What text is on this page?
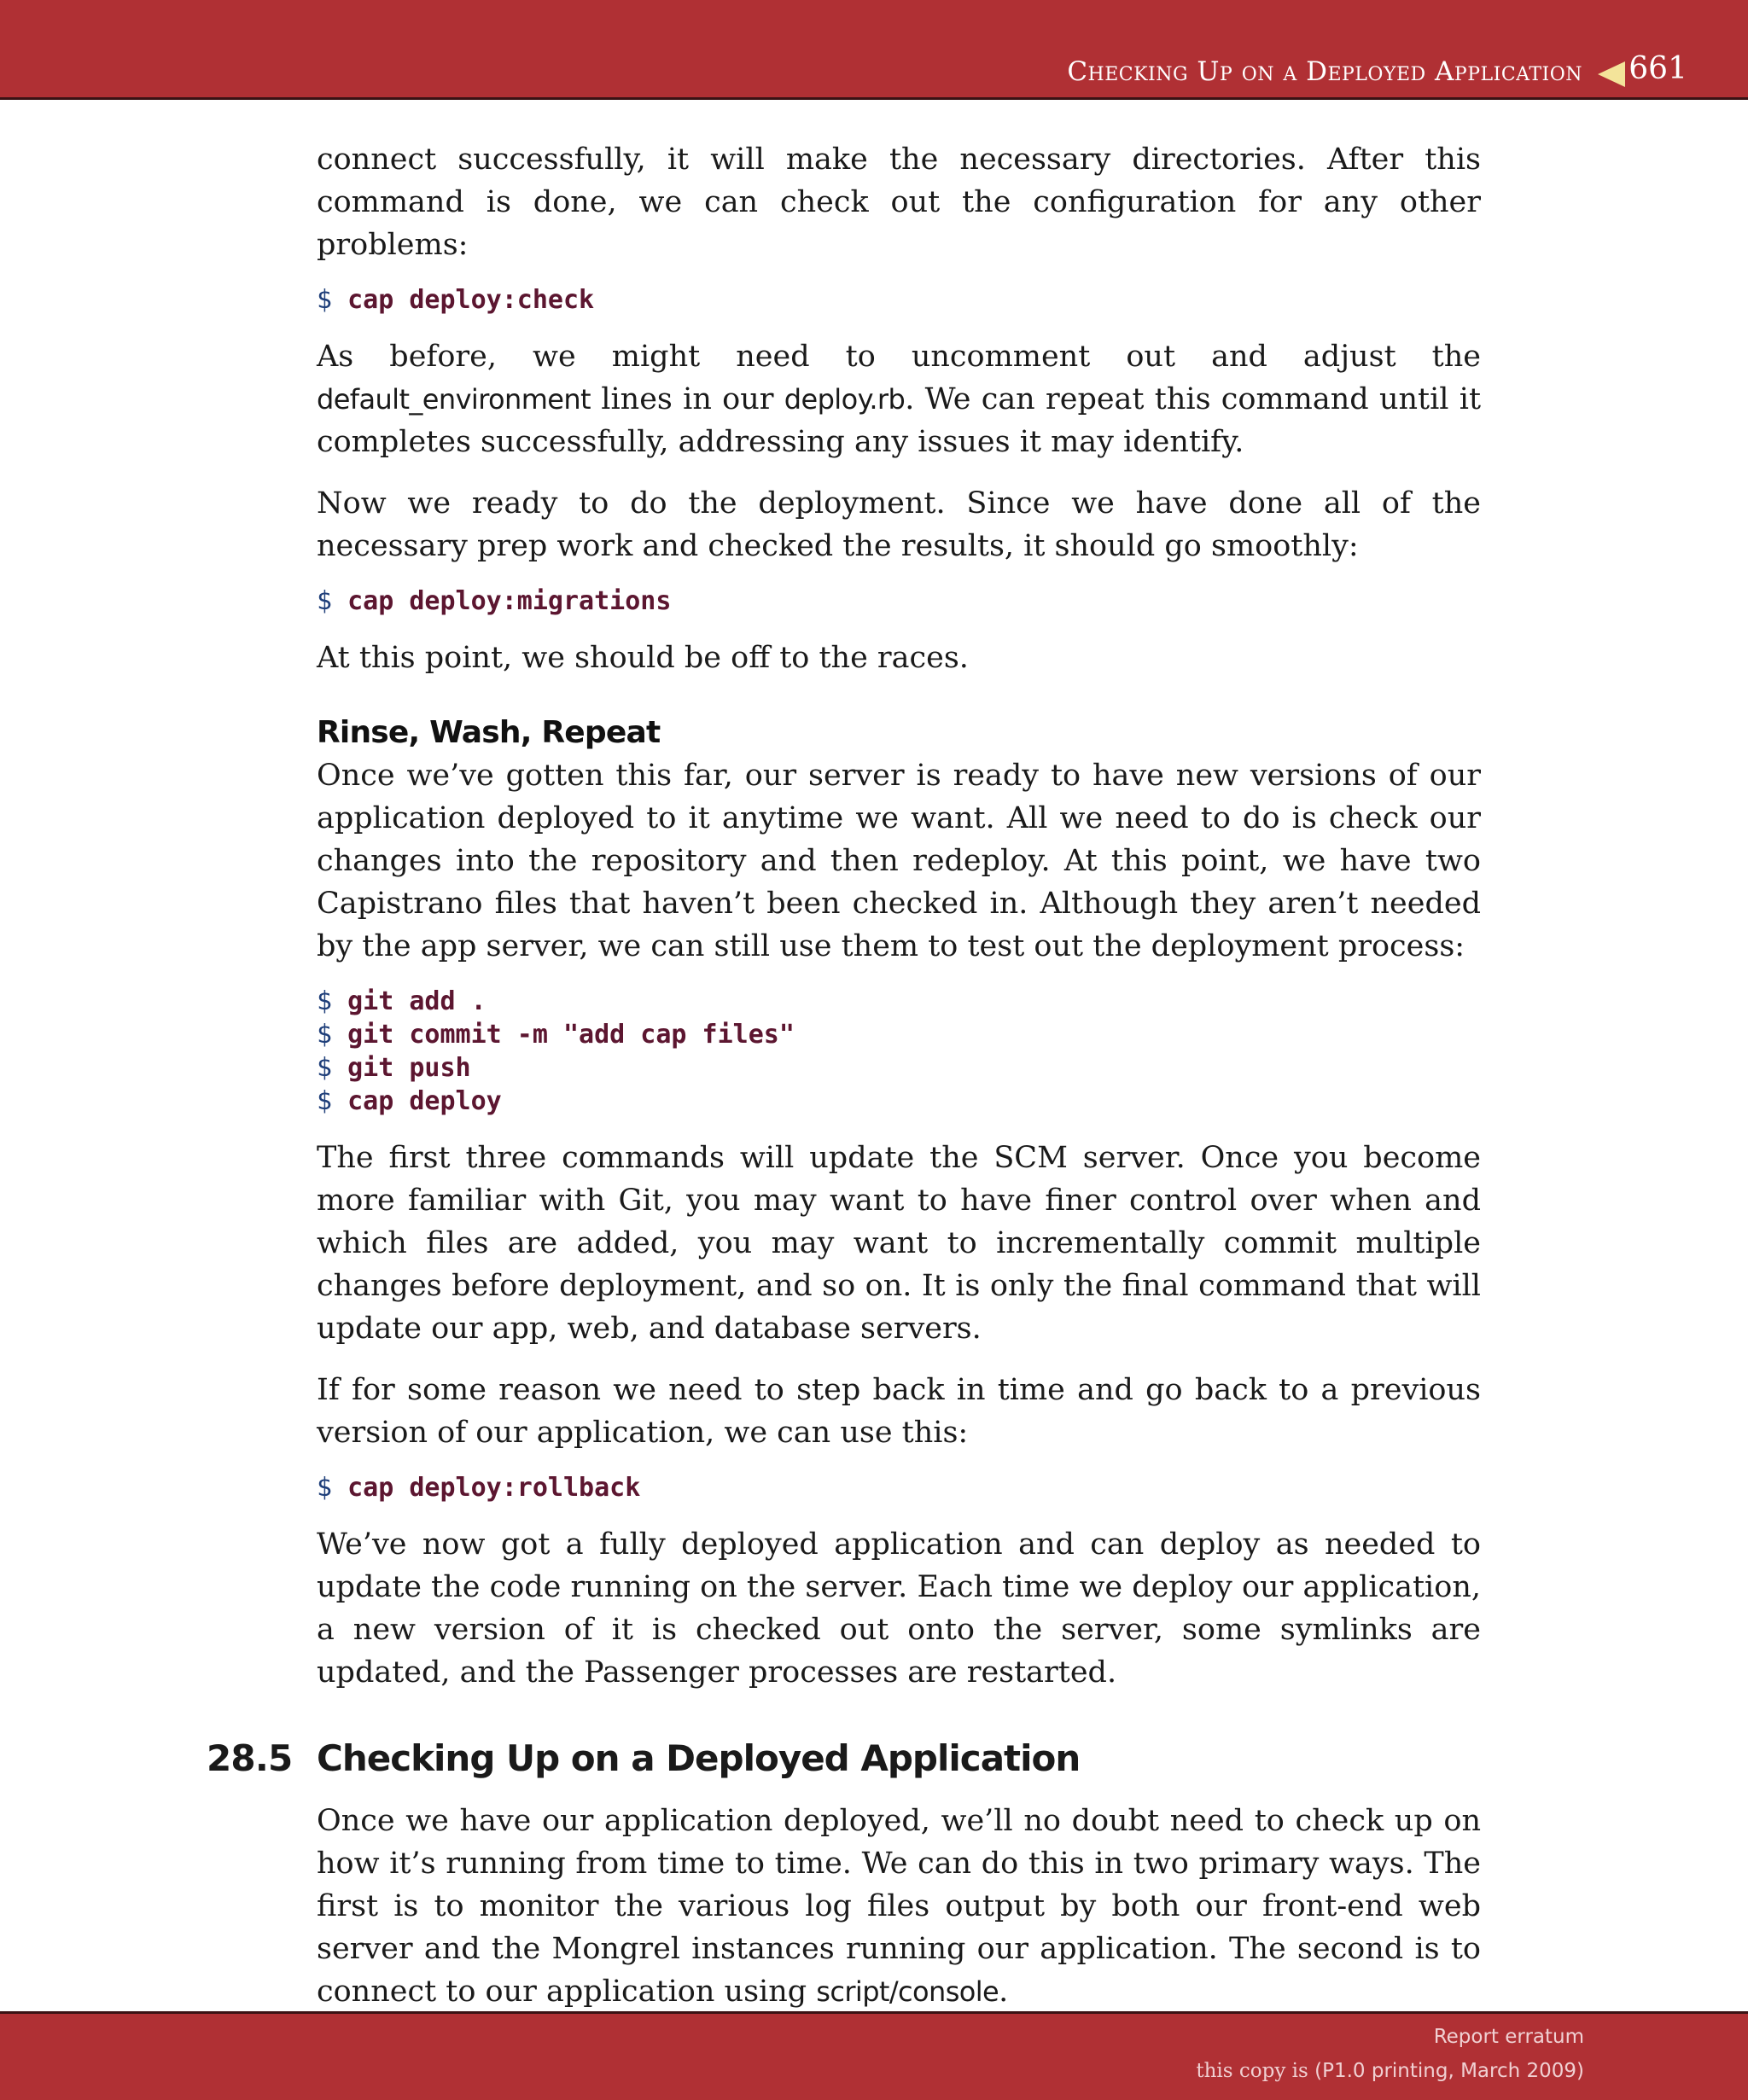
Checking Up on a Deployed Application 661

connect successfully, it will make the necessary directories. After this command is done, we can check out the configuration for any other problems:

$ cap deploy:check

As before, we might need to uncomment out and adjust the default_environment lines in our deploy.rb. We can repeat this command until it completes successfully, addressing any issues it may identify.

Now we ready to do the deployment. Since we have done all of the necessary prep work and checked the results, it should go smoothly:

$ cap deploy:migrations

At this point, we should be off to the races.

Rinse, Wash, Repeat

Once we’ve gotten this far, our server is ready to have new versions of our application deployed to it anytime we want. All we need to do is check our changes into the repository and then redeploy. At this point, we have two Capistrano files that haven’t been checked in. Although they aren’t needed by the app server, we can still use them to test out the deployment process:

$ git add .
$ git commit -m "add cap files"
$ git push
$ cap deploy

The first three commands will update the SCM server. Once you become more familiar with Git, you may want to have finer control over when and which files are added, you may want to incrementally commit multiple changes before deployment, and so on. It is only the final command that will update our app, web, and database servers.

If for some reason we need to step back in time and go back to a previous version of our application, we can use this:

$ cap deploy:rollback

We’ve now got a fully deployed application and can deploy as needed to update the code running on the server. Each time we deploy our application, a new version of it is checked out onto the server, some symlinks are updated, and the Passenger processes are restarted.

28.5 Checking Up on a Deployed Application

Once we have our application deployed, we’ll no doubt need to check up on how it’s running from time to time. We can do this in two primary ways. The first is to monitor the various log files output by both our front-end web server and the Mongrel instances running our application. The second is to connect to our application using script/console.

Report erratum
this copy is (P1.0 printing, March 2009)
